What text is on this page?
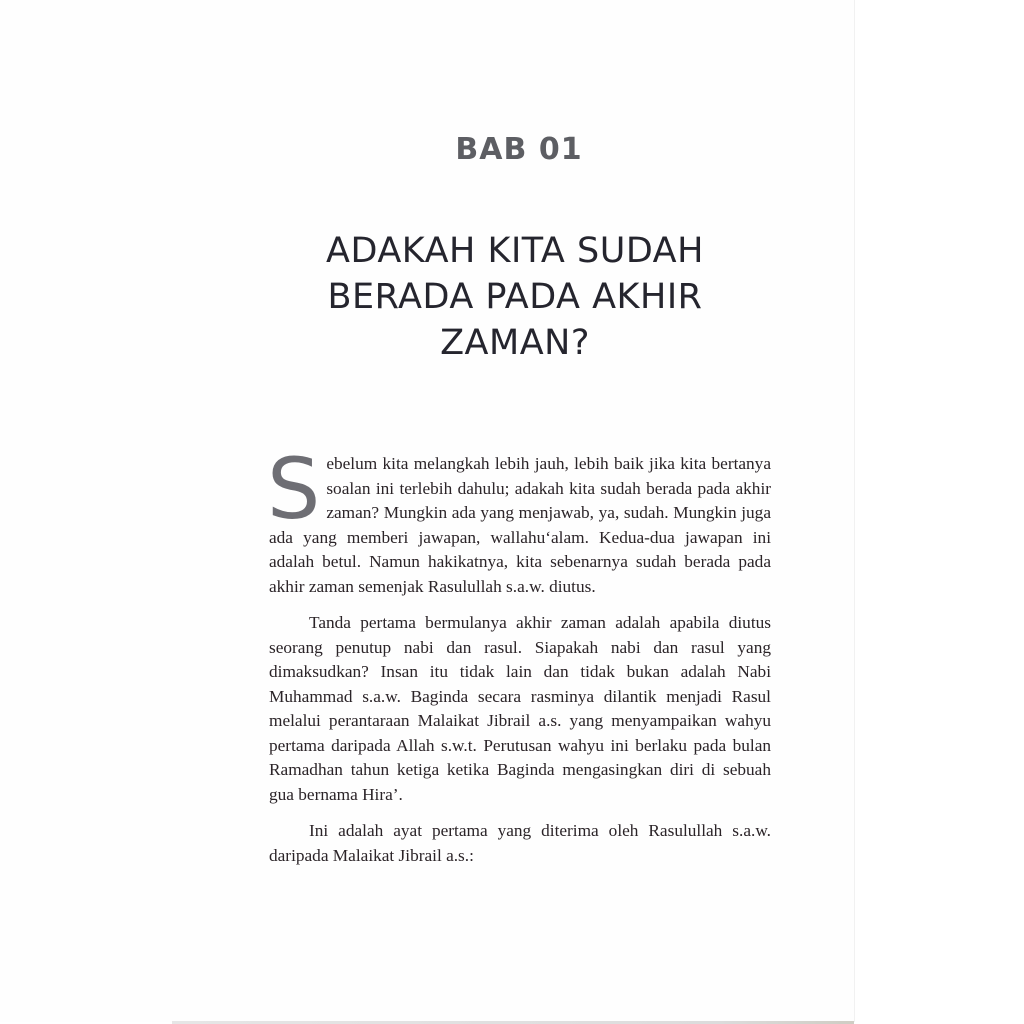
BAB 01
ADAKAH KITA SUDAH
BERADA PADA AKHIR
ZAMAN?

Sebelum kita melangkah lebih jauh, lebih baik jika kita bertanya soalan ini terlebih dahulu; adakah kita sudah berada pada akhir zaman? Mungkin ada yang menjawab, ya, sudah. Mungkin juga ada yang memberi jawapan, wallahu‘alam. Kedua-dua jawapan ini adalah betul. Namun hakikatnya, kita sebenarnya sudah berada pada akhir zaman semenjak Rasulullah s.a.w. diutus.

Tanda pertama bermulanya akhir zaman adalah apabila diutus seorang penutup nabi dan rasul. Siapakah nabi dan rasul yang dimaksudkan? Insan itu tidak lain dan tidak bukan adalah Nabi Muhammad s.a.w. Baginda secara rasminya dilantik menjadi Rasul melalui perantaraan Malaikat Jibrail a.s. yang menyampaikan wahyu pertama daripada Allah s.w.t. Perutusan wahyu ini berlaku pada bulan Ramadhan tahun ketiga ketika Baginda mengasingkan diri di sebuah gua bernama Hira’.

Ini adalah ayat pertama yang diterima oleh Rasulullah s.a.w. daripada Malaikat Jibrail a.s.:
